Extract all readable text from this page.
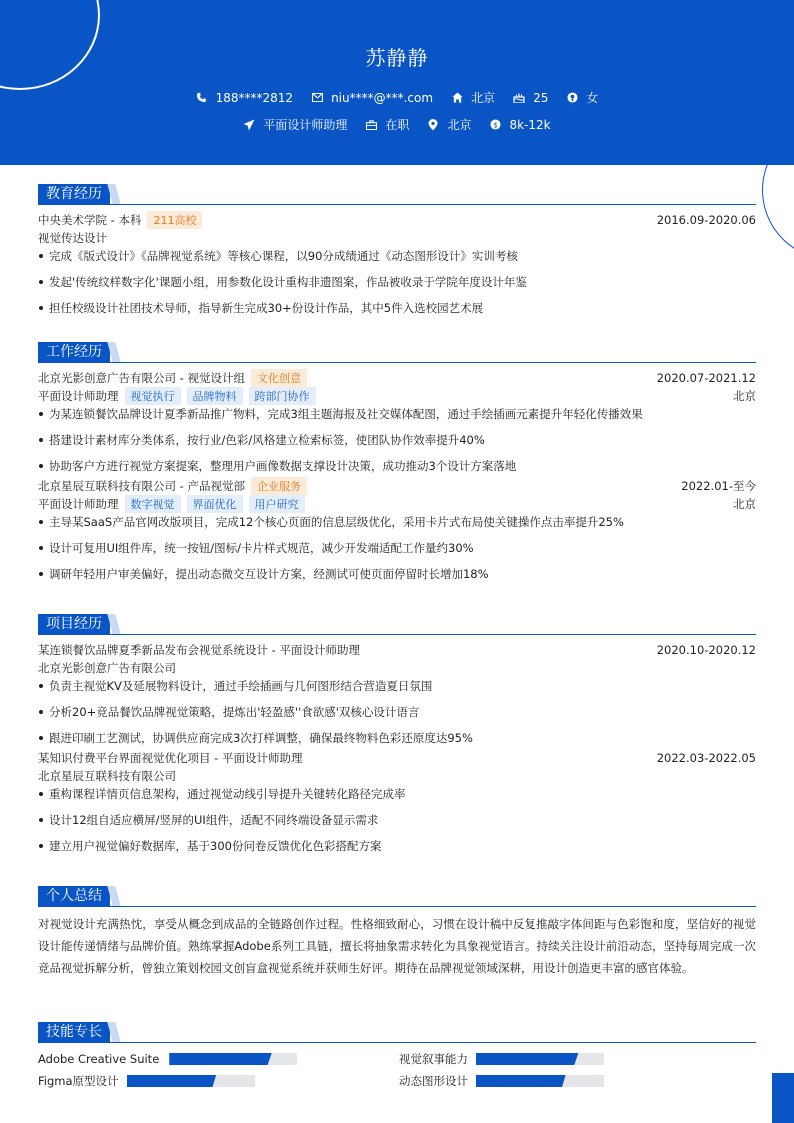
苏静静
188****2812	niu****@***.com	北京	25	女
平面设计师助理	在职	北京	$ 8k-12k
教育经历
中央美术学院 - 本科	211高校	2016.09-2020.06
视觉传达设计
完成《版式设计》《品牌视觉系统》等核心课程，以90分成绩通过《动态图形设计》实训考核
发起'传统纹样数字化'课题小组，用参数化设计重构非遗图案，作品被收录于学院年度设计年鉴
担任校级设计社团技术导师，指导新生完成30+份设计作品，其中5件入选校园艺术展
工作经历
北京光影创意广告有限公司 - 视觉设计组	文化创意	2020.07-2021.12
平面设计师助理	视觉执行	品牌物料	跨部门协作	北京
为某连锁餐饮品牌设计夏季新品推广物料，完成3组主题海报及社交媒体配图，通过手绘插画元素提升年轻化传播效果
搭建设计素材库分类体系，按行业/色彩/风格建立检索标签，使团队协作效率提升40%
协助客户方进行视觉方案提案，整理用户画像数据支撑设计决策，成功推动3个设计方案落地
北京星辰互联科技有限公司 - 产品视觉部	企业服务	2022.01-至今
平面设计师助理	数字视觉	界面优化	用户研究	北京
主导某SaaS产品官网改版项目，完成12个核心页面的信息层级优化，采用卡片式布局使关键操作点击率提升25%
设计可复用UI组件库，统一按钮/图标/卡片样式规范，减少开发端适配工作量约30%
调研年轻用户审美偏好，提出动态微交互设计方案，经测试可使页面停留时长增加18%
项目经历
某连锁餐饮品牌夏季新品发布会视觉系统设计 - 平面设计师助理	2020.10-2020.12
北京光影创意广告有限公司
负责主视觉KV及延展物料设计，通过手绘插画与几何图形结合营造夏日氛围
分析20+竞品餐饮品牌视觉策略，提炼出'轻盈感''食欲感'双核心设计语言
跟进印刷工艺测试，协调供应商完成3次打样调整，确保最终物料色彩还原度达95%
某知识付费平台界面视觉优化项目 - 平面设计师助理	2022.03-2022.05
北京星辰互联科技有限公司
重构课程详情页信息架构，通过视觉动线引导提升关键转化路径完成率
设计12组自适应横屏/竖屏的UI组件，适配不同终端设备显示需求
建立用户视觉偏好数据库，基于300份问卷反馈优化色彩搭配方案
个人总结
对视觉设计充满热忱，享受从概念到成品的全链路创作过程。性格细致耐心，习惯在设计稿中反复推敲字体间距与色彩饱和度，坚信好的视觉设计能传递情绪与品牌价值。熟练掌握Adobe系列工具链，擅长将抽象需求转化为具象视觉语言。持续关注设计前沿动态，坚持每周完成一次竞品视觉拆解分析，曾独立策划校园文创盲盒视觉系统并获师生好评。期待在品牌视觉领域深耕，用设计创造更丰富的感官体验。
技能专长
Adobe Creative Suite	视觉叙事能力
Figma原型设计	动态图形设计
